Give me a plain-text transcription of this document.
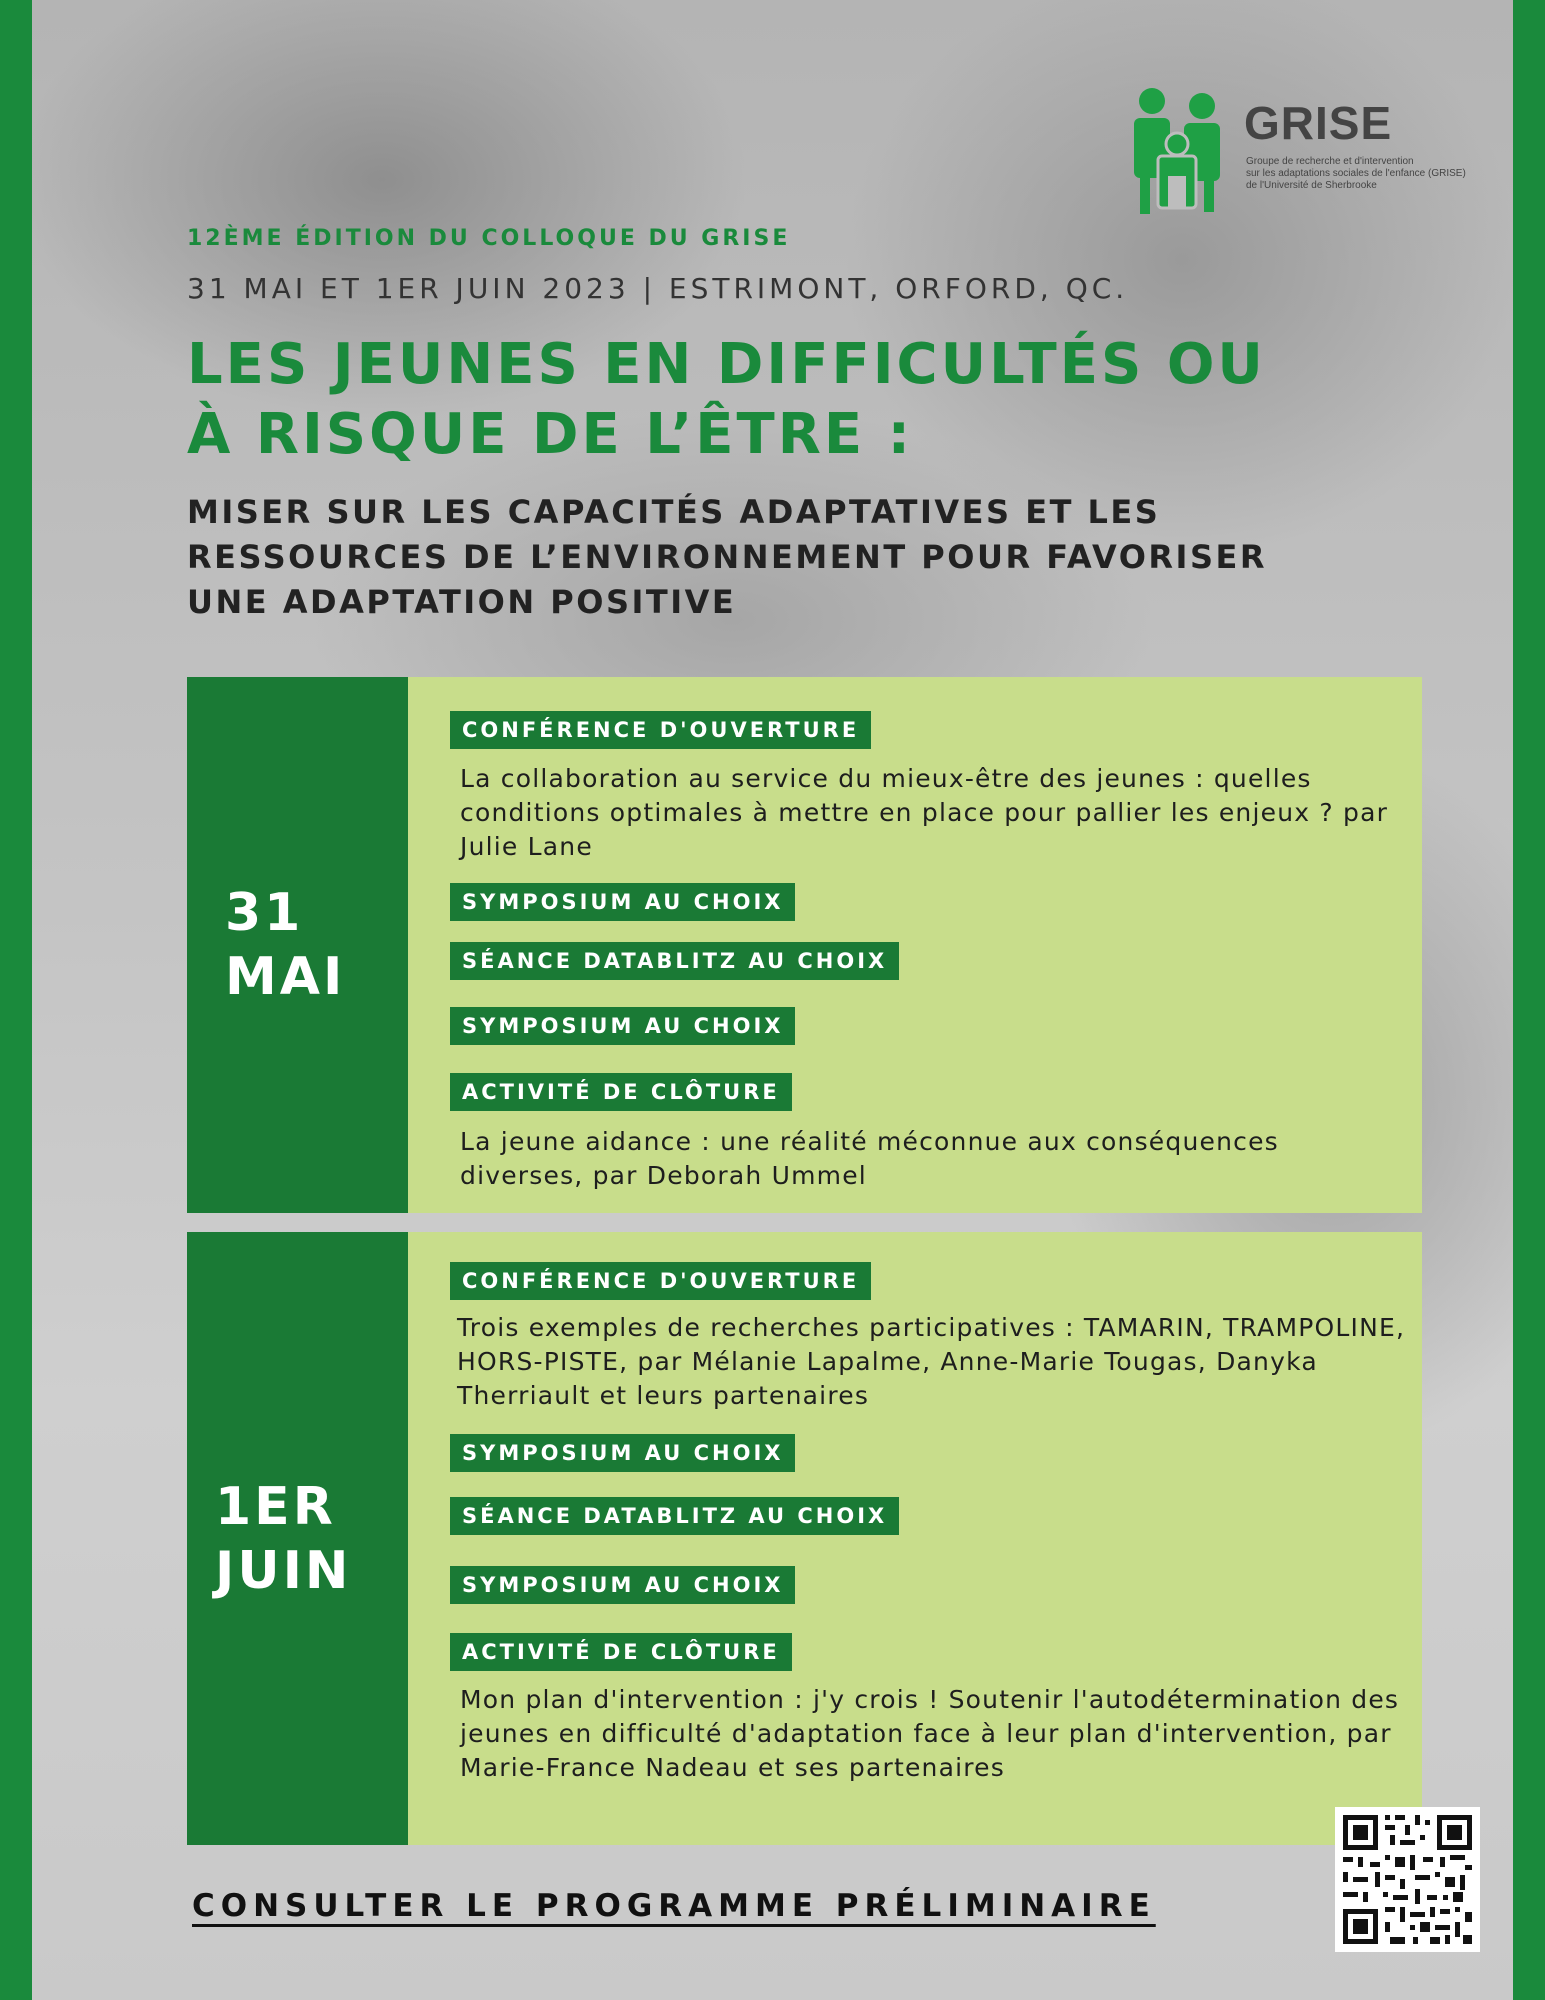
GRISE
Groupe de recherche et d'intervention
sur les adaptations sociales de l'enfance (GRISE)
de l'Université de Sherbrooke
12ÈME ÉDITION DU COLLOQUE DU GRISE
31 MAI ET 1ER JUIN 2023 | ESTRIMONT, ORFORD, QC.
LES JEUNES EN DIFFICULTÉS OU
À RISQUE DE L’ÊTRE :
MISER SUR LES CAPACITÉS ADAPTATIVES ET LES
RESSOURCES DE L’ENVIRONNEMENT POUR FAVORISER
UNE ADAPTATION POSITIVE
31
MAI
CONFÉRENCE D'OUVERTURE
La collaboration au service du mieux-être des jeunes : quelles conditions optimales à mettre en place pour pallier les enjeux ? par Julie Lane
SYMPOSIUM AU CHOIX
SÉANCE DATABLITZ AU CHOIX
SYMPOSIUM AU CHOIX
ACTIVITÉ DE CLÔTURE
La jeune aidance : une réalité méconnue aux conséquences diverses, par Deborah Ummel
1ER
JUIN
CONFÉRENCE D'OUVERTURE
Trois exemples de recherches participatives : TAMARIN, TRAMPOLINE, HORS-PISTE, par Mélanie Lapalme, Anne-Marie Tougas, Danyka Therriault et leurs partenaires
SYMPOSIUM AU CHOIX
SÉANCE DATABLITZ AU CHOIX
SYMPOSIUM AU CHOIX
ACTIVITÉ DE CLÔTURE
Mon plan d'intervention : j'y crois ! Soutenir l'autodétermination des jeunes en difficulté d'adaptation face à leur plan d'intervention, par Marie-France Nadeau et ses partenaires
CONSULTER LE PROGRAMME PRÉLIMINAIRE
